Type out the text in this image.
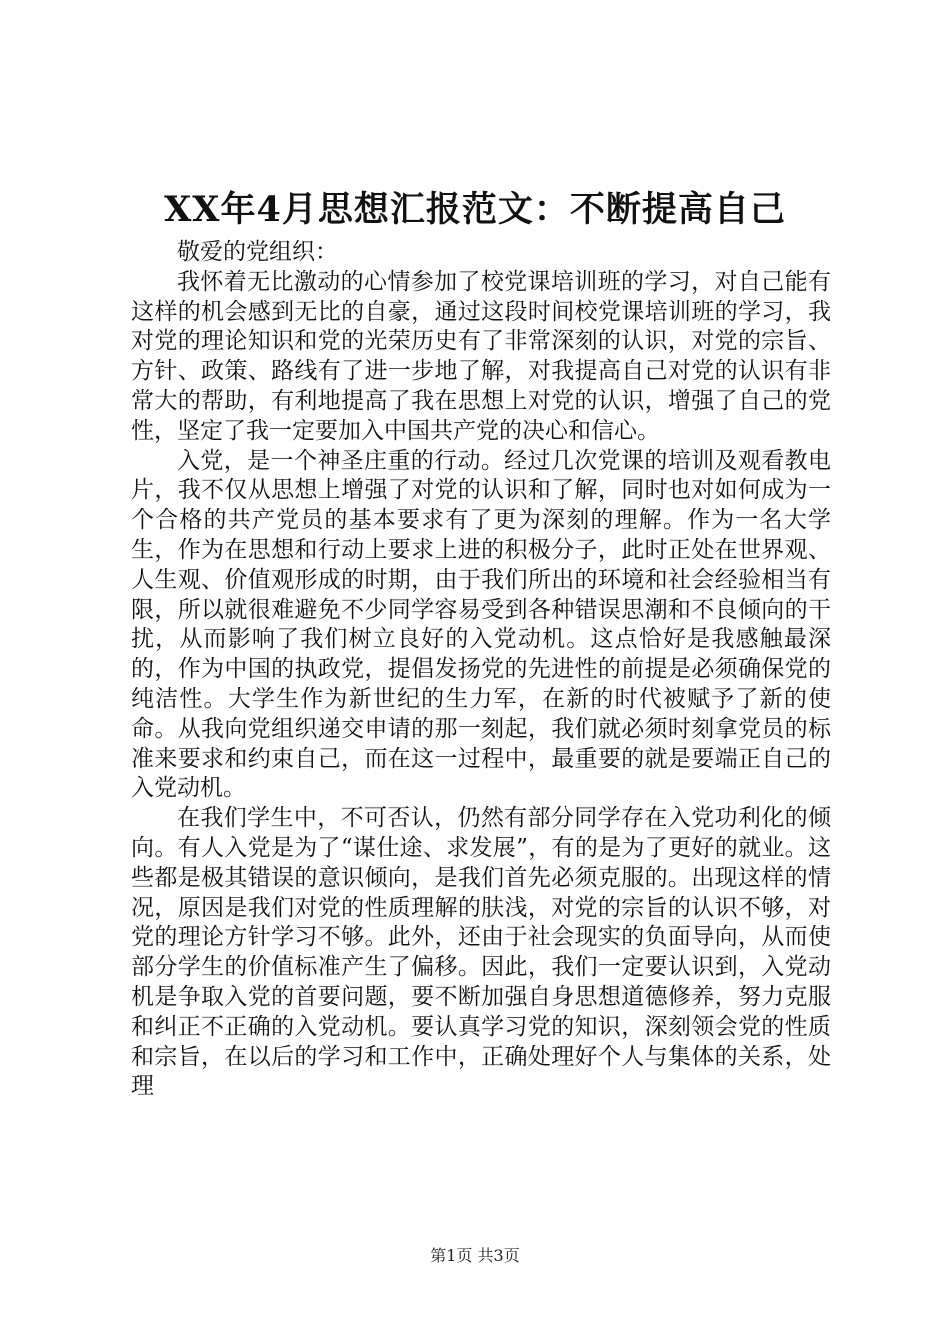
XX年4月思想汇报范文：不断提高自己

敬爱的党组织：

我怀着无比激动的心情参加了校党课培训班的学习，对自己能有这样的机会感到无比的自豪，通过这段时间校党课培训班的学习，我对党的理论知识和党的光荣历史有了非常深刻的认识，对党的宗旨、方针、政策、路线有了进一步地了解，对我提高自己对党的认识有非常大的帮助，有利地提高了我在思想上对党的认识，增强了自己的党性，坚定了我一定要加入中国共产党的决心和信心。

入党，是一个神圣庄重的行动。经过几次党课的培训及观看教电片，我不仅从思想上增强了对党的认识和了解，同时也对如何成为一个合格的共产党员的基本要求有了更为深刻的理解。作为一名大学生，作为在思想和行动上要求上进的积极分子，此时正处在世界观、人生观、价值观形成的时期，由于我们所出的环境和社会经验相当有限，所以就很难避免不少同学容易受到各种错误思潮和不良倾向的干扰，从而影响了我们树立良好的入党动机。这点恰好是我感触最深的，作为中国的执政党，提倡发扬党的先进性的前提是必须确保党的纯洁性。大学生作为新世纪的生力军，在新的时代被赋予了新的使命。从我向党组织递交申请的那一刻起，我们就必须时刻拿党员的标准来要求和约束自己，而在这一过程中，最重要的就是要端正自己的入党动机。

在我们学生中，不可否认，仍然有部分同学存在入党功利化的倾向。有人入党是为了“谋仕途、求发展”，有的是为了更好的就业。这些都是极其错误的意识倾向，是我们首先必须克服的。出现这样的情况，原因是我们对党的性质理解的肤浅，对党的宗旨的认识不够，对党的理论方针学习不够。此外，还由于社会现实的负面导向，从而使部分学生的价值标准产生了偏移。因此，我们一定要认识到，入党动机是争取入党的首要问题，要不断加强自身思想道德修养，努力克服和纠正不正确的入党动机。要认真学习党的知识，深刻领会党的性质和宗旨，在以后的学习和工作中，正确处理好个人与集体的关系，处理

第1页 共3页
